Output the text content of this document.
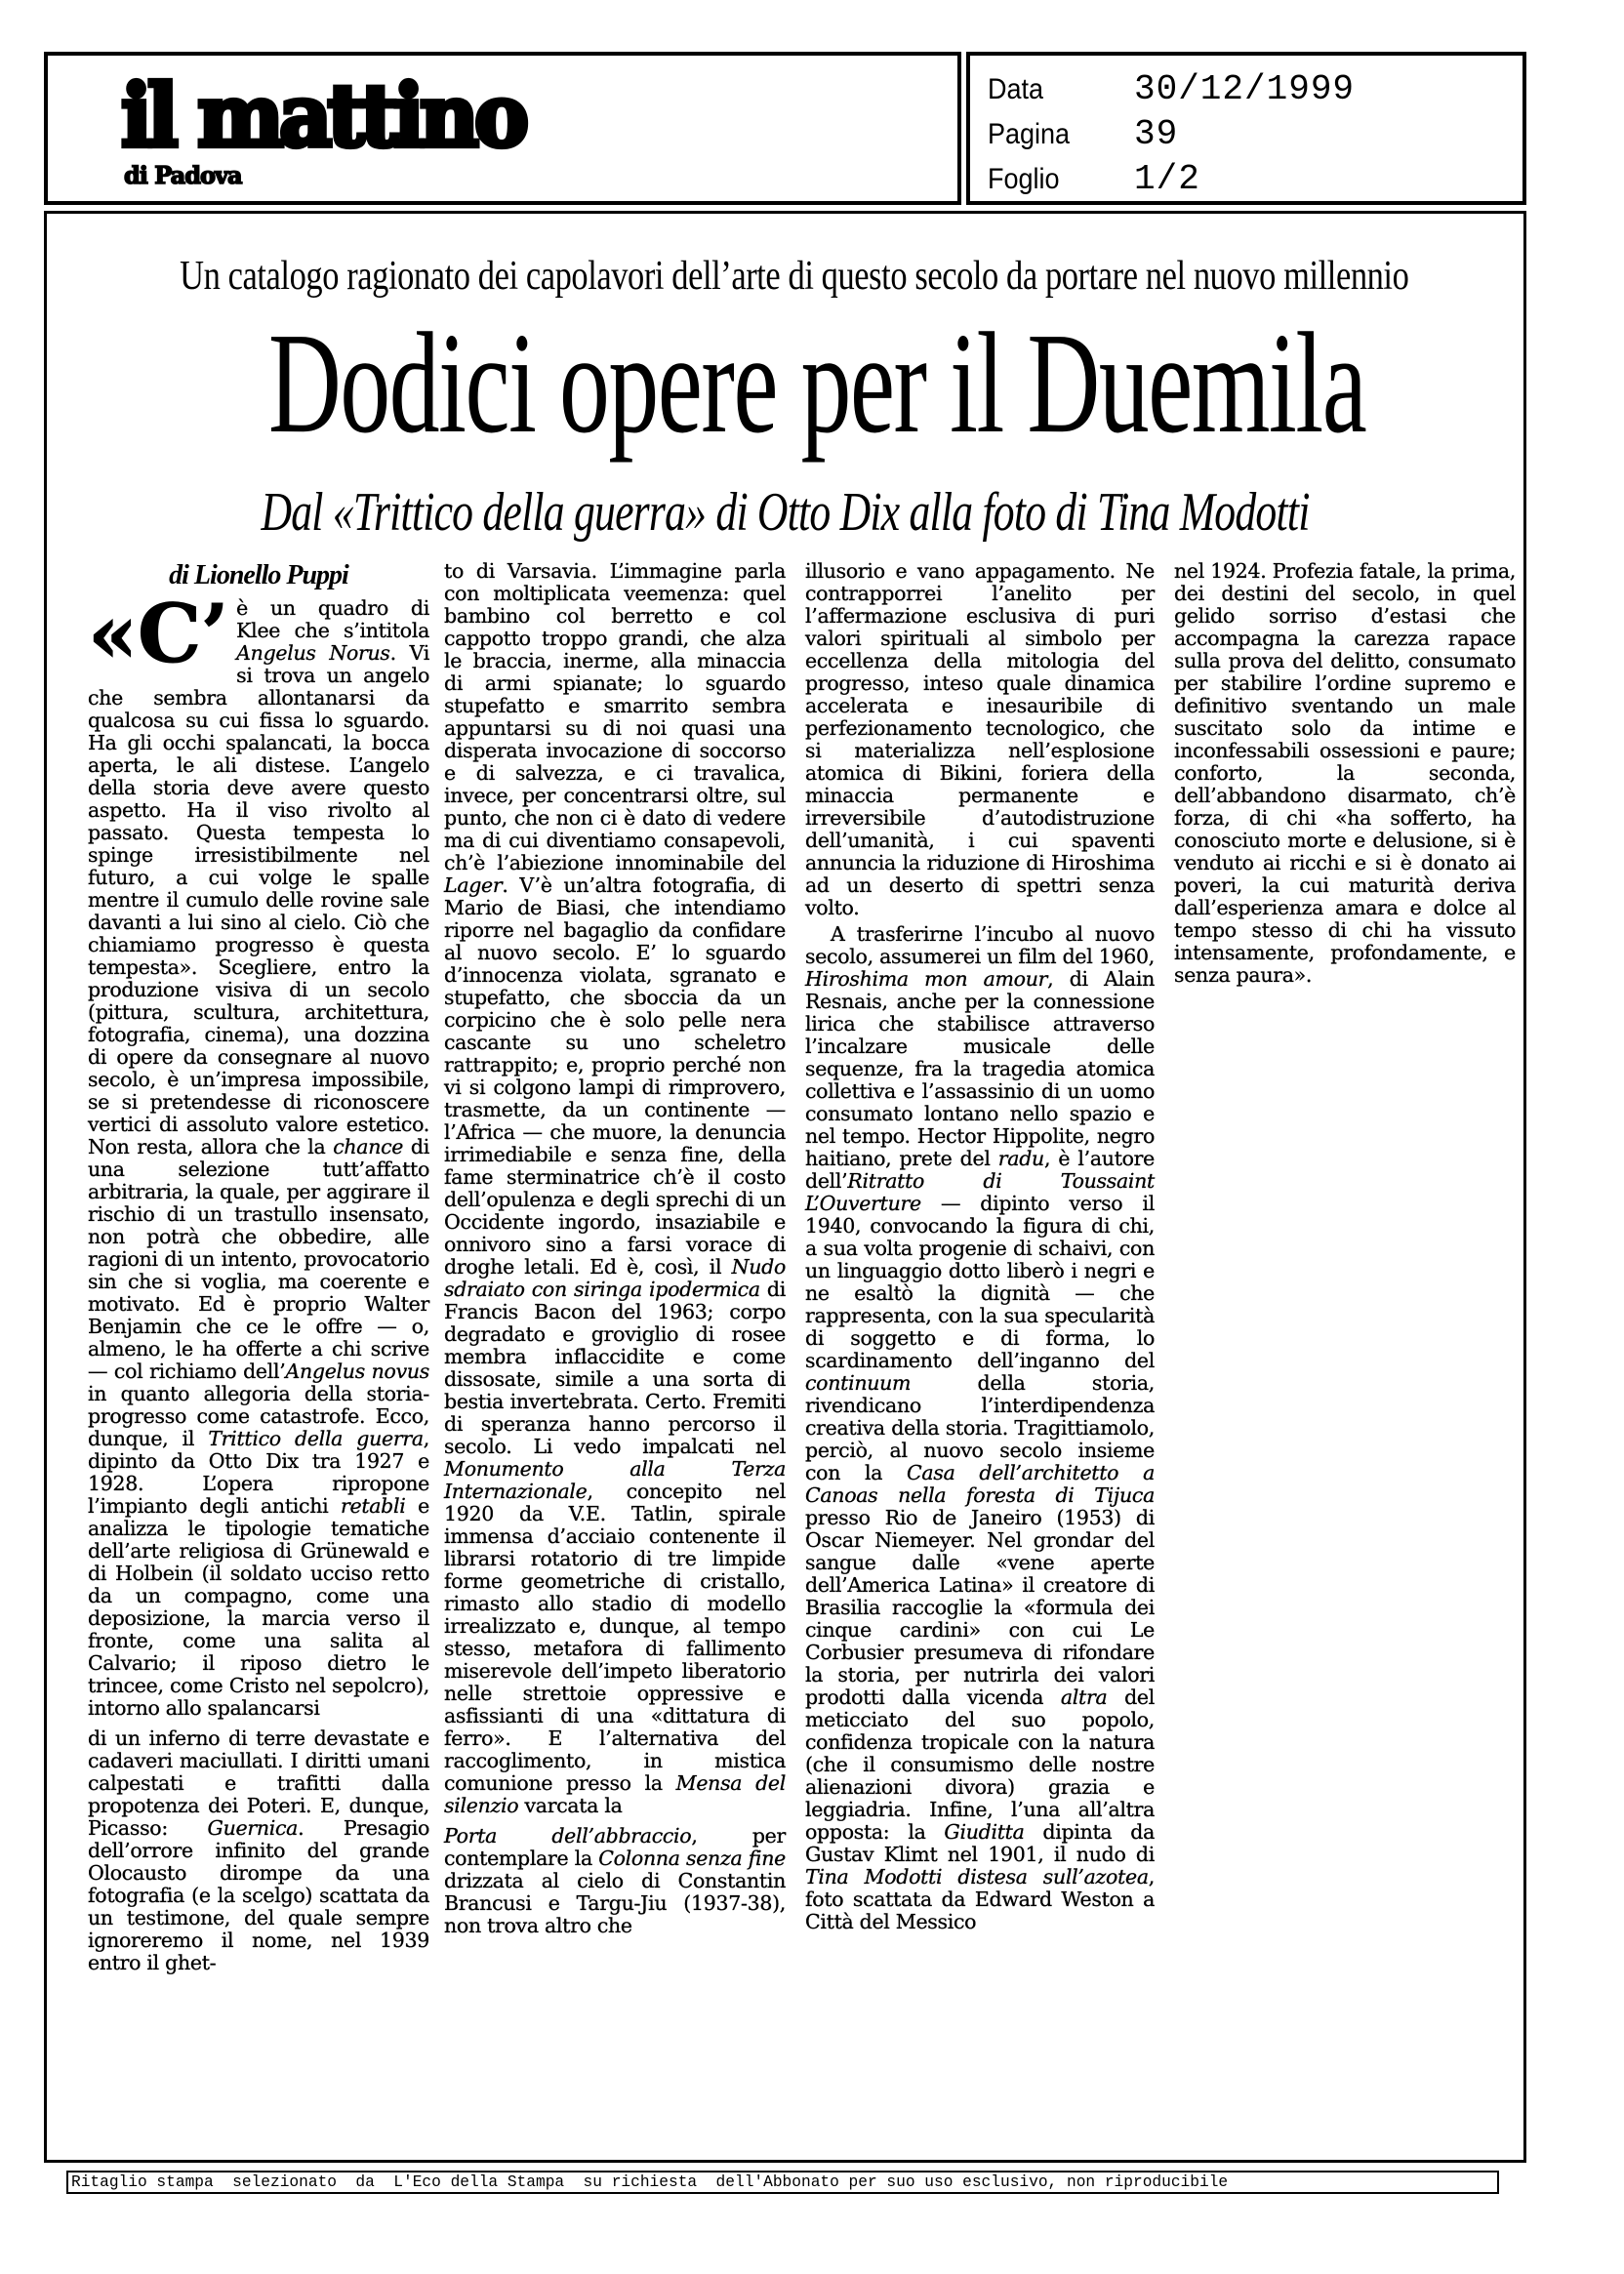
il mattino
di Padova
Data	30/12/1999
Pagina	39
Foglio	1/2
Un catalogo ragionato dei capolavori dell’arte di questo secolo da portare nel nuovo millennio
Dodici opere per il Duemila
Dal «Trittico della guerra» di Otto Dix alla foto di Tina Modotti
di Lionello Puppi

«C’ è un quadro di Klee che s’intitola Angelus Norus. Vi si trova un angelo che sembra allontanarsi da qualcosa su cui fissa lo sguardo. Ha gli occhi spalancati, la bocca aperta, le ali distese. L’angelo della storia deve avere questo aspetto. Ha il viso rivolto al passato. Questa tempesta lo spinge irresistibilmente nel futuro, a cui volge le spalle mentre il cumulo delle rovine sale davanti a lui sino al cielo. Ciò che chiamiamo progresso è questa tempesta». Scegliere, entro la produzione visiva di un secolo (pittura, scultura, architettura, fotografia, cinema), una dozzina di opere da consegnare al nuovo secolo, è un’impresa impossibile, se si pretendesse di riconoscere vertici di assoluto valore estetico. Non resta, allora che la chance di una selezione tutt’affatto arbitraria, la quale, per aggirare il rischio di un trastullo insensato, non potrà che obbedire, alle ragioni di un intento, provocatorio sin che si voglia, ma coerente e motivato. Ed è proprio Walter Benjamin che ce le offre — o, almeno, le ha offerte a chi scrive — col richiamo dell’Angelus novus in quanto allegoria della storia-progresso come catastrofe. Ecco, dunque, il Trittico della guerra, dipinto da Otto Dix tra 1927 e 1928. L’opera ripropone l’impianto degli antichi retabli e analizza le tipologie tematiche dell’arte religiosa di Grünewald e di Holbein (il soldato ucciso retto da un compagno, come una deposizione, la marcia verso il fronte, come una salita al Calvario; il riposo dietro le trincee, come Cristo nel sepolcro), intorno allo spalancarsi

di un inferno di terre devastate e cadaveri maciullati. I diritti umani calpestati e trafitti dalla propotenza dei Poteri. E, dunque, Picasso: Guernica. Presagio dell’orrore infinito del grande Olocausto dirompe da una fotografia (e la scelgo) scattata da un testimone, del quale sempre ignoreremo il nome, nel 1939 entro il ghet-

to di Varsavia. L’immagine parla con moltiplicata veemenza: quel bambino col berretto e col cappotto troppo grandi, che alza le braccia, inerme, alla minaccia di armi spianate; lo sguardo stupefatto e smarrito sembra appuntarsi su di noi quasi una disperata invocazione di soccorso e di salvezza, e ci travalica, invece, per concentrarsi oltre, sul punto, che non ci è dato di vedere ma di cui diventiamo consapevoli, ch’è l’abiezione innominabile del Lager. V’è un’altra fotografia, di Mario de Biasi, che intendiamo riporre nel bagaglio da confidare al nuovo secolo. E’ lo sguardo d’innocenza violata, sgranato e stupefatto, che sboccia da un corpicino che è solo pelle nera cascante su uno scheletro rattrappito; e, proprio perché non vi si colgono lampi di rimprovero, trasmette, da un continente — l’Africa — che muore, la denuncia irrimediabile e senza fine, della fame sterminatrice ch’è il costo dell’opulenza e degli sprechi di un Occidente ingordo, insaziabile e onnivoro sino a farsi vorace di droghe letali. Ed è, così, il Nudo sdraiato con siringa ipodermica di Francis Bacon del 1963; corpo degradato e groviglio di rosee membra inflaccidite e come dissosate, simile a una sorta di bestia invertebrata. Certo. Fremiti di speranza hanno percorso il secolo. Li vedo impalcati nel Monumento alla Terza Internazionale, concepito nel 1920 da V.E. Tatlin, spirale immensa d’acciaio contenente il librarsi rotatorio di tre limpide forme geometriche di cristallo, rimasto allo stadio di modello irrealizzato e, dunque, al tempo stesso, metafora di fallimento miserevole dell’impeto liberatorio nelle strettoie oppressive e asfissianti di una «dittatura di ferro». E l’alternativa del raccoglimento, in mistica comunione presso la Mensa del silenzio varcata la

Porta dell’abbraccio, per contemplare la Colonna senza fine drizzata al cielo di Constantin Brancusi e Targu-Jiu (1937-38), non trova altro che

illusorio e vano appagamento. Ne contrapporrei l’anelito per l’affermazione esclusiva di puri valori spirituali al simbolo per eccellenza della mitologia del progresso, inteso quale dinamica accelerata e inesauribile di perfezionamento tecnologico, che si materializza nell’esplosione atomica di Bikini, foriera della minaccia permanente e irreversibile d’autodistruzione dell’umanità, i cui spaventi annuncia la riduzione di Hiroshima ad un deserto di spettri senza volto.

A trasferirne l’incubo al nuovo secolo, assumerei un film del 1960, Hiroshima mon amour, di Alain Resnais, anche per la connessione lirica che stabilisce attraverso l’incalzare musicale delle sequenze, fra la tragedia atomica collettiva e l’assassinio di un uomo consumato lontano nello spazio e nel tempo. Hector Hippolite, negro haitiano, prete del radu, è l’autore dell’Ritratto di Toussaint L’Ouverture — dipinto verso il 1940, convocando la figura di chi, a sua volta progenie di schaivi, con un linguaggio dotto liberò i negri e ne esaltò la dignità — che rappresenta, con la sua specularità di soggetto e di forma, lo scardinamento dell’inganno del continuum della storia, rivendicano l’interdipendenza creativa della storia. Tragittiamolo, perciò, al nuovo secolo insieme con la Casa dell’architetto a Canoas nella foresta di Tijuca presso Rio de Janeiro (1953) di Oscar Niemeyer. Nel grondar del sangue dalle «vene aperte dell’America Latina» il creatore di Brasilia raccoglie la «formula dei cinque cardini» con cui Le Corbusier presumeva di rifondare la storia, per nutrirla dei valori prodotti dalla vicenda altra del meticciato del suo popolo, confidenza tropicale con la natura (che il consumismo delle nostre alienazioni divora) grazia e leggiadria. Infine, l’una all’altra opposta: la Giuditta dipinta da Gustav Klimt nel 1901, il nudo di Tina Modotti distesa sull’azotea, foto scattata da Edward Weston a Città del Messico

nel 1924. Profezia fatale, la prima, dei destini del secolo, in quel gelido sorriso d’estasi che accompagna la carezza rapace sulla prova del delitto, consumato per stabilire l’ordine supremo e definitivo sventando un male suscitato solo da intime e inconfessabili ossessioni e paure; conforto, la seconda, dell’abbandono disarmato, ch’è forza, di chi «ha sofferto, ha conosciuto morte e delusione, si è venduto ai ricchi e si è donato ai poveri, la cui maturità deriva dall’esperienza amara e dolce al tempo stesso di chi ha vissuto intensamente, profondamente, e senza paura».

Ritaglio stampa  selezionato  da  L'Eco della Stampa  su richiesta  dell'Abbonato per suo uso esclusivo, non riproducibile
